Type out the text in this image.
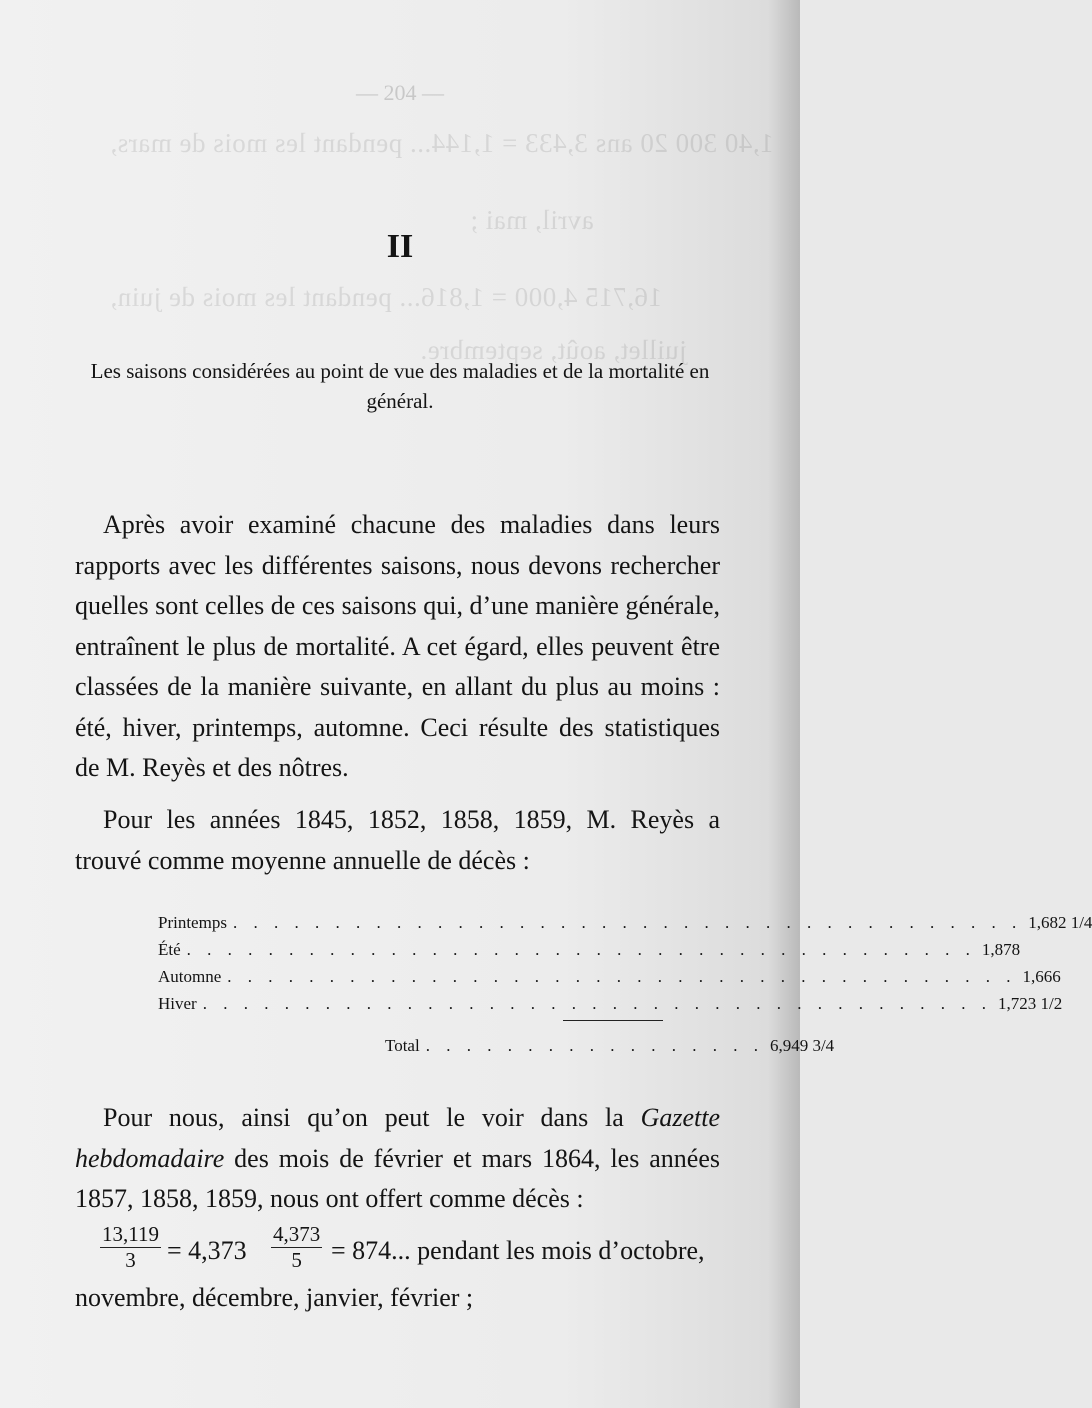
1,40 300 20 ans 3,433 = 1,144... pendant les mois de mars,
avril, mai ;
16,715 4,000 = 1,816... pendant les mois de juin,
juillet, août, septembre.
— 204 —
II
Les saisons considérées au point de vue des maladies et de la mortalité en général.
Après avoir examiné chacune des maladies dans leurs rapports avec les différentes saisons, nous devons rechercher quelles sont celles de ces saisons qui, d’une manière générale, entraînent le plus de mortalité. A cet égard, elles peuvent être classées de la manière suivante, en allant du plus au moins : été, hiver, printemps, automne. Ceci résulte des statistiques de M. Reyès et des nôtres.
Pour les années 1845, 1852, 1858, 1859, M. Reyès a trouvé comme moyenne annuelle de décès :
Printemps . . . . . . . . . . . . . . . . . . . . . . . . . . . . . . . . . . . . . . . 1,682 1/4
Été . . . . . . . . . . . . . . . . . . . . . . . . . . . . . . . . . . . . . . . 1,878
Automne . . . . . . . . . . . . . . . . . . . . . . . . . . . . . . . . . . . . . . . 1,666
Hiver . . . . . . . . . . . . . . . . . . . . . . . . . . . . . . . . . . . . . . . 1,723 1/2
Total . . . . . . . . . . . . . . . . . 6,949 3/4
Pour nous, ainsi qu’on peut le voir dans la Gazette hebdomadaire des mois de février et mars 1864, les années 1857, 1858, 1859, nous ont offert comme décès :
$\frac{13,119}{3} = 4,373 \frac{4,373}{5} = 874$... pendant les mois d’octobre,
novembre, décembre, janvier, février ;
